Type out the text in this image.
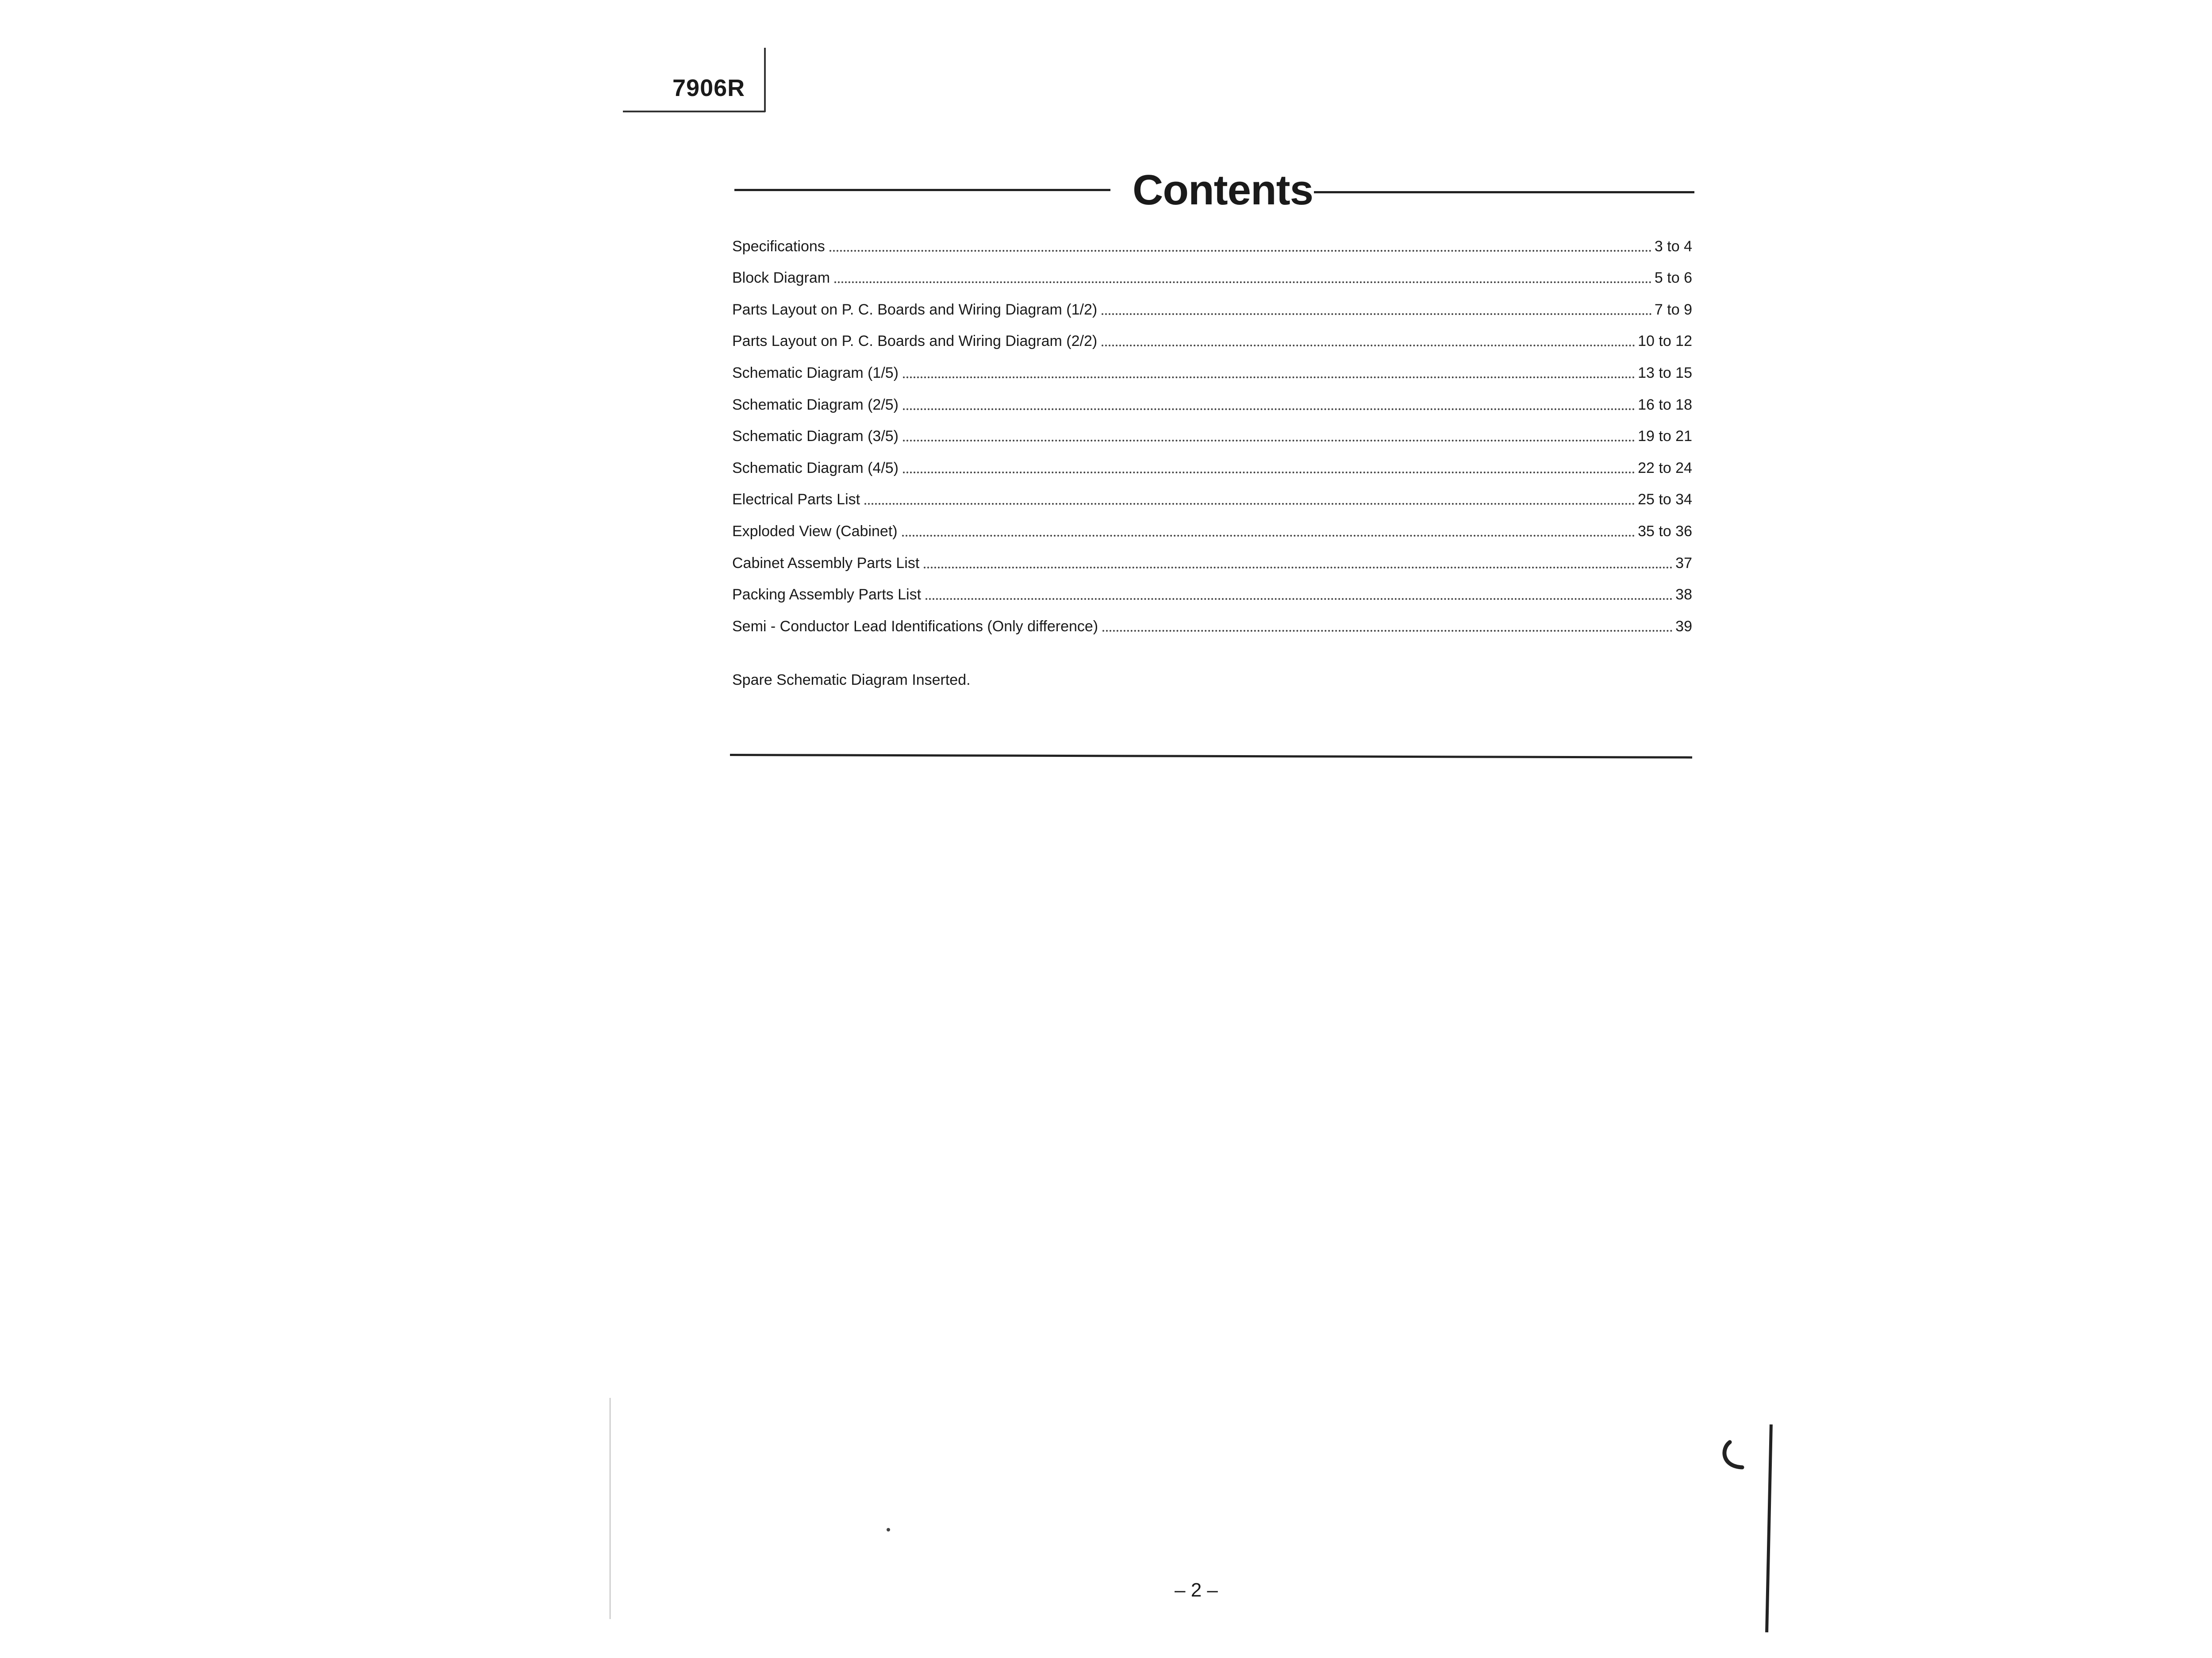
7906R
Contents
Specifications	3 to 4
Block Diagram	5 to 6
Parts Layout on P. C. Boards and Wiring Diagram (1/2)	7 to 9
Parts Layout on P. C. Boards and Wiring Diagram (2/2)	10 to 12
Schematic Diagram (1/5)	13 to 15
Schematic Diagram (2/5)	16 to 18
Schematic Diagram (3/5)	19 to 21
Schematic Diagram (4/5)	22 to 24
Electrical Parts List	25 to 34
Exploded View (Cabinet)	35 to 36
Cabinet Assembly Parts List	37
Packing Assembly Parts List	38
Semi - Conductor Lead Identifications (Only difference)	39
Spare Schematic Diagram Inserted.
– 2 –
